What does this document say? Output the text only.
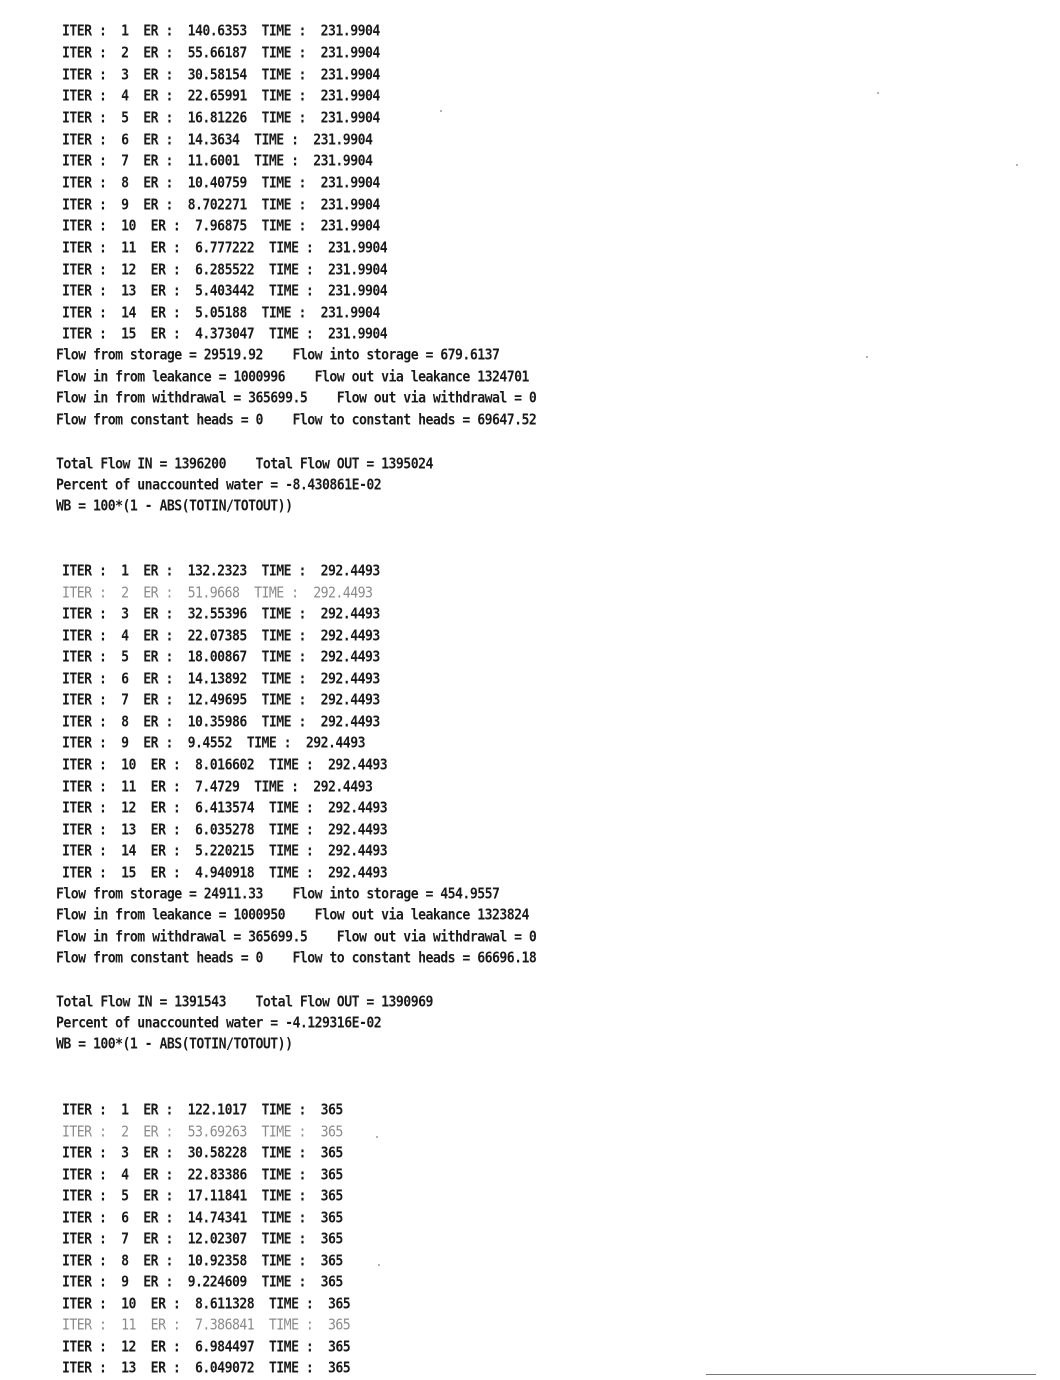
ITER :  1  ER :  140.6353  TIME :  231.9904
ITER :  2  ER :  55.66187  TIME :  231.9904
ITER :  3  ER :  30.58154  TIME :  231.9904
ITER :  4  ER :  22.65991  TIME :  231.9904
ITER :  5  ER :  16.81226  TIME :  231.9904
ITER :  6  ER :  14.3634  TIME :  231.9904
ITER :  7  ER :  11.6001  TIME :  231.9904
ITER :  8  ER :  10.40759  TIME :  231.9904
ITER :  9  ER :  8.702271  TIME :  231.9904
ITER :  10  ER :  7.96875  TIME :  231.9904
ITER :  11  ER :  6.777222  TIME :  231.9904
ITER :  12  ER :  6.285522  TIME :  231.9904
ITER :  13  ER :  5.403442  TIME :  231.9904
ITER :  14  ER :  5.05188  TIME :  231.9904
ITER :  15  ER :  4.373047  TIME :  231.9904
Flow from storage = 29519.92    Flow into storage = 679.6137
Flow in from leakance = 1000996    Flow out via leakance 1324701
Flow in from withdrawal = 365699.5    Flow out via withdrawal = 0
Flow from constant heads = 0    Flow to constant heads = 69647.52
Total Flow IN = 1396200    Total Flow OUT = 1395024
Percent of unaccounted water = -8.430861E-02
WB = 100*(1 - ABS(TOTIN/TOTOUT))
ITER :  1  ER :  132.2323  TIME :  292.4493
ITER :  2  ER :  51.9668  TIME :  292.4493
ITER :  3  ER :  32.55396  TIME :  292.4493
ITER :  4  ER :  22.07385  TIME :  292.4493
ITER :  5  ER :  18.00867  TIME :  292.4493
ITER :  6  ER :  14.13892  TIME :  292.4493
ITER :  7  ER :  12.49695  TIME :  292.4493
ITER :  8  ER :  10.35986  TIME :  292.4493
ITER :  9  ER :  9.4552  TIME :  292.4493
ITER :  10  ER :  8.016602  TIME :  292.4493
ITER :  11  ER :  7.4729  TIME :  292.4493
ITER :  12  ER :  6.413574  TIME :  292.4493
ITER :  13  ER :  6.035278  TIME :  292.4493
ITER :  14  ER :  5.220215  TIME :  292.4493
ITER :  15  ER :  4.940918  TIME :  292.4493
Flow from storage = 24911.33    Flow into storage = 454.9557
Flow in from leakance = 1000950    Flow out via leakance 1323824
Flow in from withdrawal = 365699.5    Flow out via withdrawal = 0
Flow from constant heads = 0    Flow to constant heads = 66696.18
Total Flow IN = 1391543    Total Flow OUT = 1390969
Percent of unaccounted water = -4.129316E-02
WB = 100*(1 - ABS(TOTIN/TOTOUT))
ITER :  1  ER :  122.1017  TIME :  365
ITER :  2  ER :  53.69263  TIME :  365
ITER :  3  ER :  30.58228  TIME :  365
ITER :  4  ER :  22.83386  TIME :  365
ITER :  5  ER :  17.11841  TIME :  365
ITER :  6  ER :  14.74341  TIME :  365
ITER :  7  ER :  12.02307  TIME :  365
ITER :  8  ER :  10.92358  TIME :  365
ITER :  9  ER :  9.224609  TIME :  365
ITER :  10  ER :  8.611328  TIME :  365
ITER :  11  ER :  7.386841  TIME :  365
ITER :  12  ER :  6.984497  TIME :  365
ITER :  13  ER :  6.049072  TIME :  365
